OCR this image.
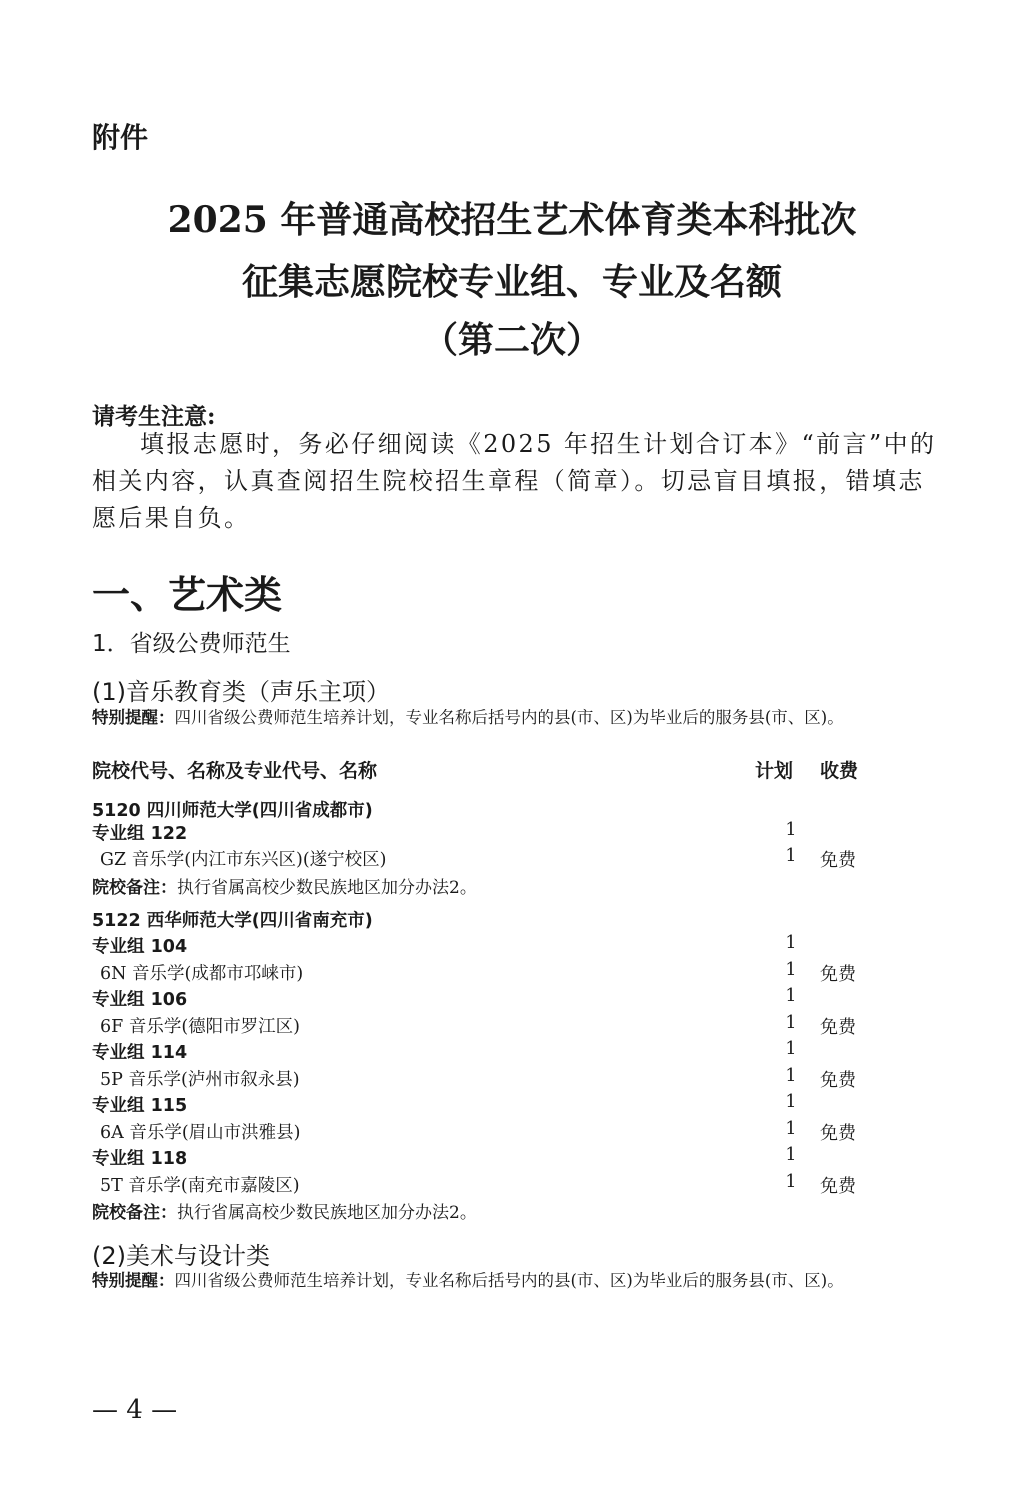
附件
2025 年普通高校招生艺术体育类本科批次
征集志愿院校专业组、专业及名额
（第二次）
请考生注意:
填报志愿时，务必仔细阅读《2025 年招生计划合订本》“前言”中的相关内容，认真查阅招生院校招生章程（简章）。切忌盲目填报，错填志愿后果自负。
一、艺术类
1．省级公费师范生
(1)音乐教育类（声乐主项）
特别提醒：四川省级公费师范生培养计划，专业名称后括号内的县(市、区)为毕业后的服务县(市、区)。
院校代号、名称及专业代号、名称	计划 收费
5120 四川师范大学(四川省成都市)
专业组 122	1
GZ 音乐学(内江市东兴区)(遂宁校区)	1 免费
院校备注：执行省属高校少数民族地区加分办法2。
5122 西华师范大学(四川省南充市)
专业组 104	1
6N 音乐学(成都市邛崃市)	1 免费
专业组 106	1
6F 音乐学(德阳市罗江区)	1 免费
专业组 114	1
5P 音乐学(泸州市叙永县)	1 免费
专业组 115	1
6A 音乐学(眉山市洪雅县)	1 免费
专业组 118	1
5T 音乐学(南充市嘉陵区)	1 免费
院校备注：执行省属高校少数民族地区加分办法2。
(2)美术与设计类
特别提醒：四川省级公费师范生培养计划，专业名称后括号内的县(市、区)为毕业后的服务县(市、区)。
— 4 —
